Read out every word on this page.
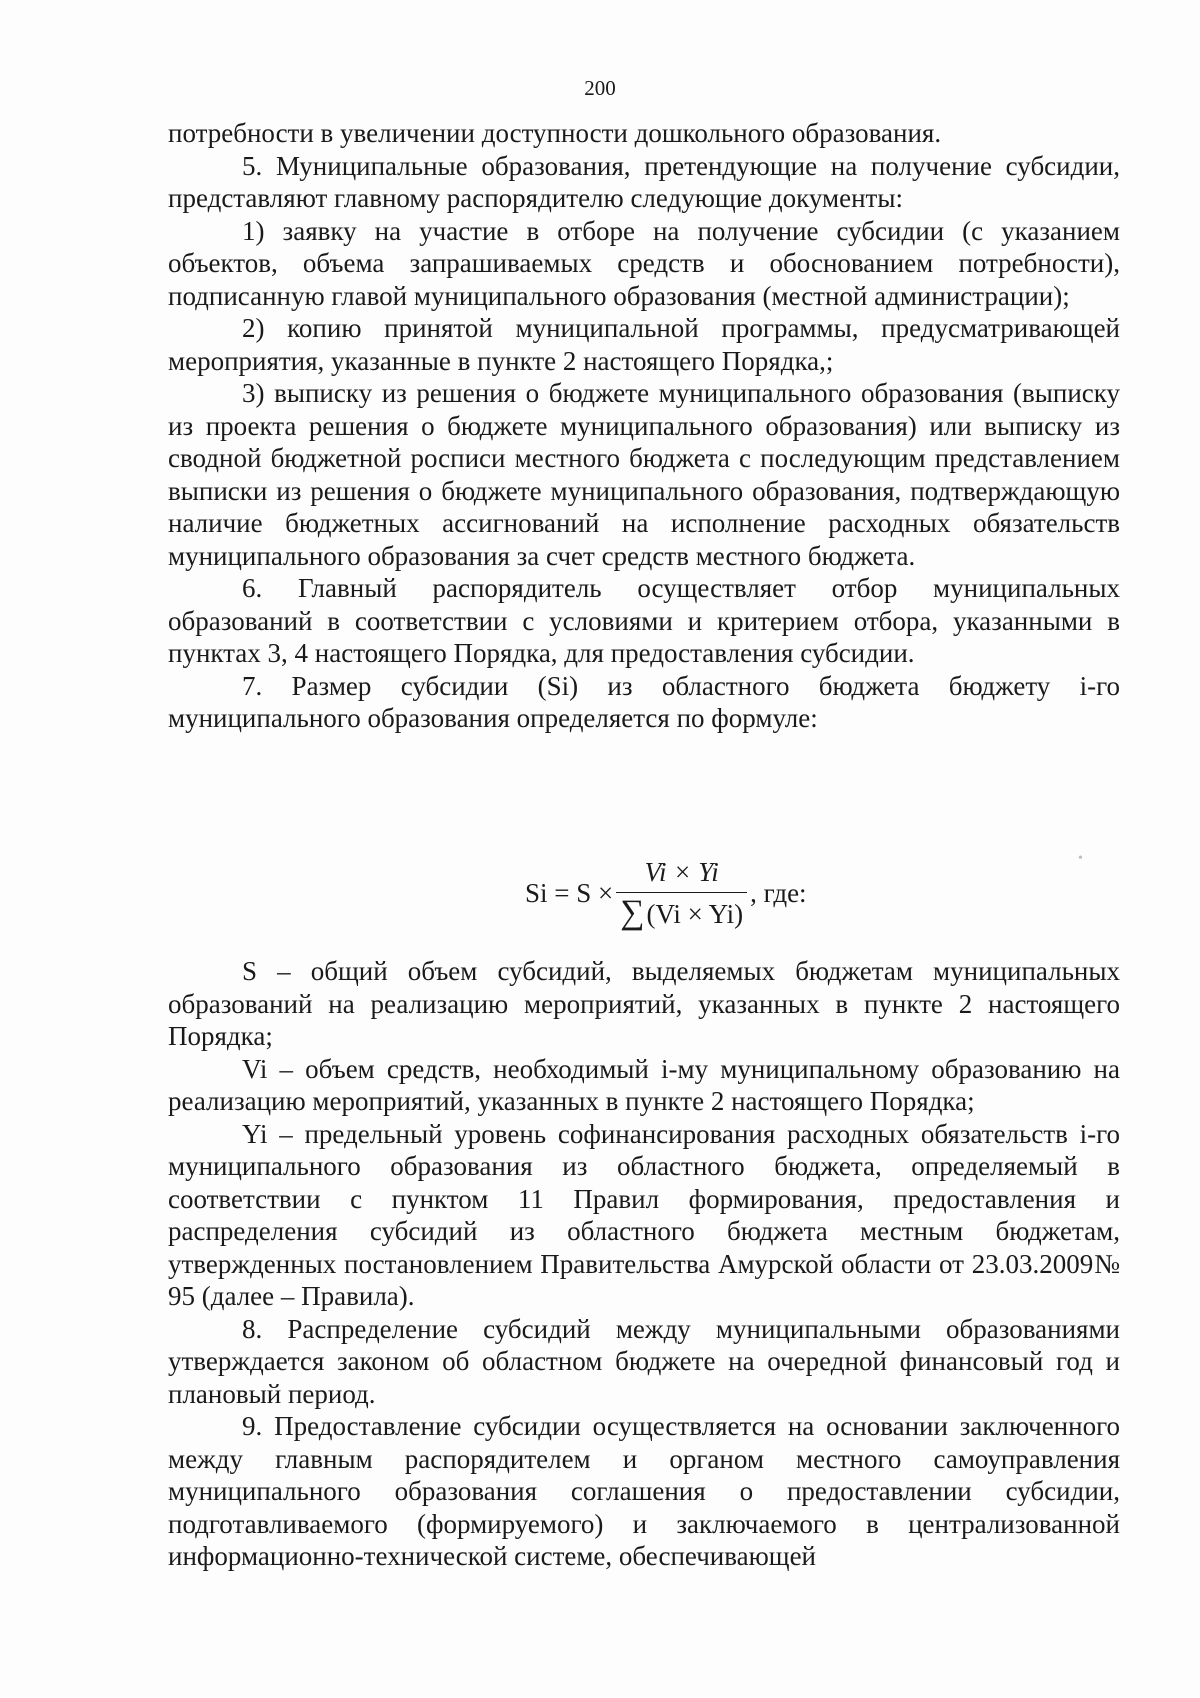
200

потребности в увеличении доступности дошкольного образования.

5. Муниципальные образования, претендующие на получение субсидии, представляют главному распорядителю следующие документы:

1) заявку на участие в отборе на получение субсидии (с указанием объектов, объема запрашиваемых средств и обоснованием потребности), подписанную главой муниципального образования (местной администрации);

2) копию принятой муниципальной программы, предусматривающей мероприятия, указанные в пункте 2 настоящего Порядка,;

3) выписку из решения о бюджете муниципального образования (выписку из проекта решения о бюджете муниципального образования) или выписку из сводной бюджетной росписи местного бюджета с последующим представлением выписки из решения о бюджете муниципального образования, подтверждающую наличие бюджетных ассигнований на исполнение расходных обязательств муниципального образования за счет средств местного бюджета.

6. Главный распорядитель осуществляет отбор муниципальных образований в соответствии с условиями и критерием отбора, указанными в пунктах 3, 4 настоящего Порядка, для предоставления субсидии.

7. Размер субсидии (Si) из областного бюджета бюджету i-го муниципального образования определяется по формуле:

$Si = S \times \frac{Vi \times Yi}{\sum(Vi \times Yi)}$ , где:
•

S – общий объем субсидий, выделяемых бюджетам муниципальных образований на реализацию мероприятий, указанных в пункте 2 настоящего Порядка;

Vi – объем средств, необходимый i-му муниципальному образованию на реализацию мероприятий, указанных в пункте 2 настоящего Порядка;

Yi – предельный уровень софинансирования расходных обязательств i-го муниципального образования из областного бюджета, определяемый в соответствии с пунктом 11 Правил формирования, предоставления и распределения субсидий из областного бюджета местным бюджетам, утвержденных постановлением Правительства Амурской области от 23.03.2009№ 95 (далее – Правила).

8. Распределение субсидий между муниципальными образованиями утверждается законом об областном бюджете на очередной финансовый год и плановый период.

9. Предоставление субсидии осуществляется на основании заключенного между главным распорядителем и органом местного самоуправления муниципального образования соглашения о предоставлении субсидии, подготавливаемого (формируемого) и заключаемого в централизованной информационно-технической системе, обеспечивающей
